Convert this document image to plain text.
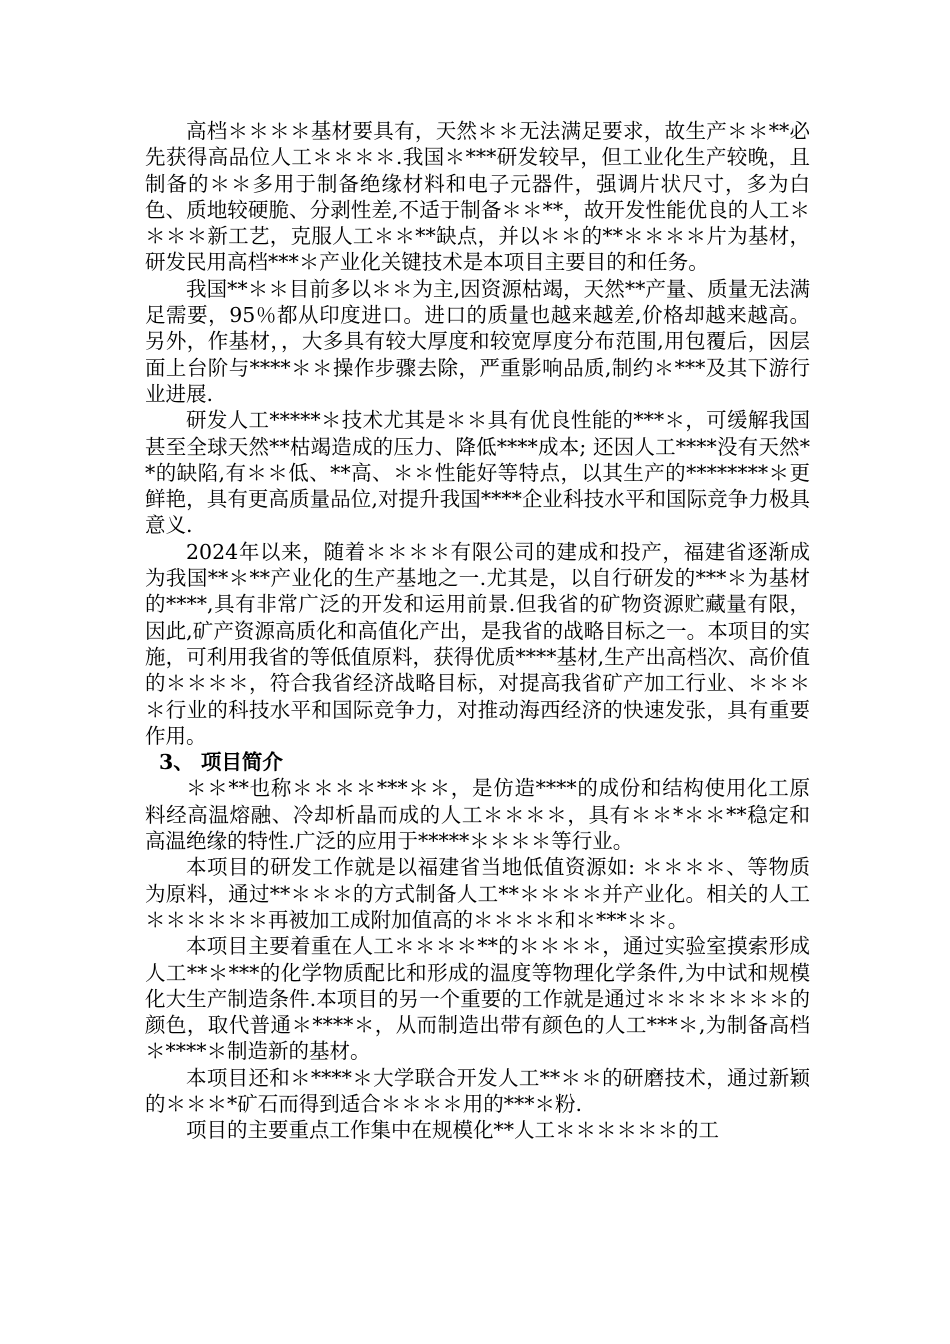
高档＊＊＊＊基材要具有，天然＊＊无法满足要求，故生产＊＊**必先获得高品位人工＊＊＊＊.我国＊***研发较早，但工业化生产较晚，且制备的＊＊多用于制备绝缘材料和电子元器件，强调片状尺寸，多为白色、质地较硬脆、分剥性差,不适于制备＊＊**，故开发性能优良的人工＊＊＊＊新工艺，克服人工＊＊**缺点，并以＊＊的**＊＊＊＊片为基材，研发民用高档***＊产业化关键技术是本项目主要目的和任务。

我国**＊＊目前多以＊＊为主,因资源枯竭，天然**产量、质量无法满足需要，95％都从印度进口。进口的质量也越来越差,价格却越来越高。另外，作基材，，大多具有较大厚度和较宽厚度分布范围,用包覆后，因层面上台阶与****＊＊操作步骤去除，严重影响品质,制约＊***及其下游行业进展.

研发人工*****＊技术尤其是＊＊具有优良性能的***＊，可缓解我国甚至全球天然**枯竭造成的压力、降低****成本; 还因人工****没有天然**的缺陷,有＊＊低、**高、＊＊性能好等特点，以其生产的********＊更鲜艳，具有更高质量品位,对提升我国****企业科技水平和国际竞争力极具意义.

2024年以来，随着＊＊＊＊有限公司的建成和投产，福建省逐渐成为我国**＊**产业化的生产基地之一.尤其是，以自行研发的***＊为基材的****,具有非常广泛的开发和运用前景.但我省的矿物资源贮藏量有限，因此,矿产资源高质化和高值化产出，是我省的战略目标之一。本项目的实施，可利用我省的等低值原料，获得优质****基材,生产出高档次、高价值的＊＊＊＊，符合我省经济战略目标，对提高我省矿产加工行业、＊＊＊＊行业的科技水平和国际竞争力，对推动海西经济的快速发张，具有重要作用。

3、 项目简介

＊＊**也称＊＊＊＊***＊＊，是仿造****的成份和结构使用化工原料经高温熔融、冷却析晶而成的人工＊＊＊＊，具有＊＊*＊＊**稳定和高温绝缘的特性.广泛的应用于*****＊＊＊＊等行业。

本项目的研发工作就是以福建省当地低值资源如: ＊＊＊＊、等物质为原料，通过**＊＊＊的方式制备人工**＊＊＊＊并产业化。相关的人工＊＊＊＊＊＊再被加工成附加值高的＊＊＊＊和＊***＊＊。

本项目主要着重在人工＊＊＊＊**的＊＊＊＊，通过实验室摸索形成人工**＊***的化学物质配比和形成的温度等物理化学条件,为中试和规模化大生产制造条件.本项目的另一个重要的工作就是通过＊＊＊＊＊＊＊的颜色，取代普通＊****＊，从而制造出带有颜色的人工***＊,为制备高档＊****＊制造新的基材。

本项目还和＊****＊大学联合开发人工**＊＊的研磨技术，通过新颖的＊＊＊*矿石而得到适合＊＊＊＊用的***＊粉.

项目的主要重点工作集中在规模化**人工＊＊＊＊＊＊的工
